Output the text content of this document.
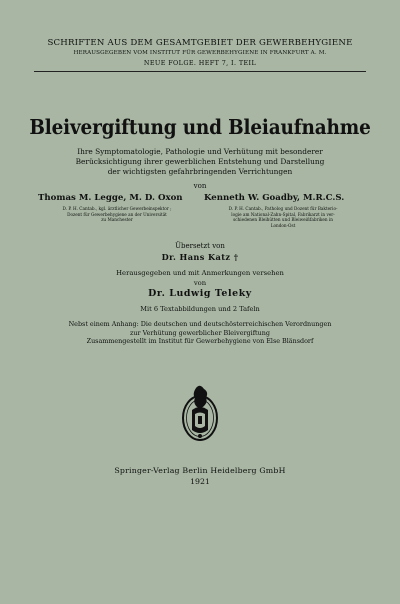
SCHRIFTEN AUS DEM GESAMTGEBIET DER GEWERBEHYGIENE
HERAUSGEGEBEN VOM INSTITUT FÜR GEWERBEHYGIENE IN FRANKFURT A. M.
NEUE FOLGE. HEFT 7, I. TEIL
Bleivergiftung und Bleiaufnahme
Ihre Symptomatologie, Pathologie und Verhütung mit besonderer
Berücksichtigung ihrer gewerblichen Entstehung und Darstellung
der wichtigsten gefahrbringenden Verrichtungen
von
Thomas M. Legge, M. D. Oxon
D. P. H. Cantab., kgl. ärztlicher Gewerbeinspektor ;
Dozent für Gewerbehygiene an der Universität
zu Manchester
Kenneth W. Goadby, M.R.C.S.
D. P. H. Cantab., Patholog und Dozent für Bakterio-
logie am National-Zahn-Spital, Fabrikarzt in ver-
schiedenen Bleihütten und Bleiweißfabriken in
London-Ost
Übersetzt von
Dr. Hans Katz †
Herausgegeben und mit Anmerkungen versehen
von
Dr. Ludwig Teleky
Mit 6 Textabbildungen und 2 Tafeln
Nebst einem Anhang: Die deutschen und deutschösterreichischen Verordnungen
zur Verhütung gewerblicher Bleivergiftung
Zusammengestellt im Institut für Gewerbehygiene von Else Blänsdorf
Springer-Verlag Berlin Heidelberg GmbH
1921
